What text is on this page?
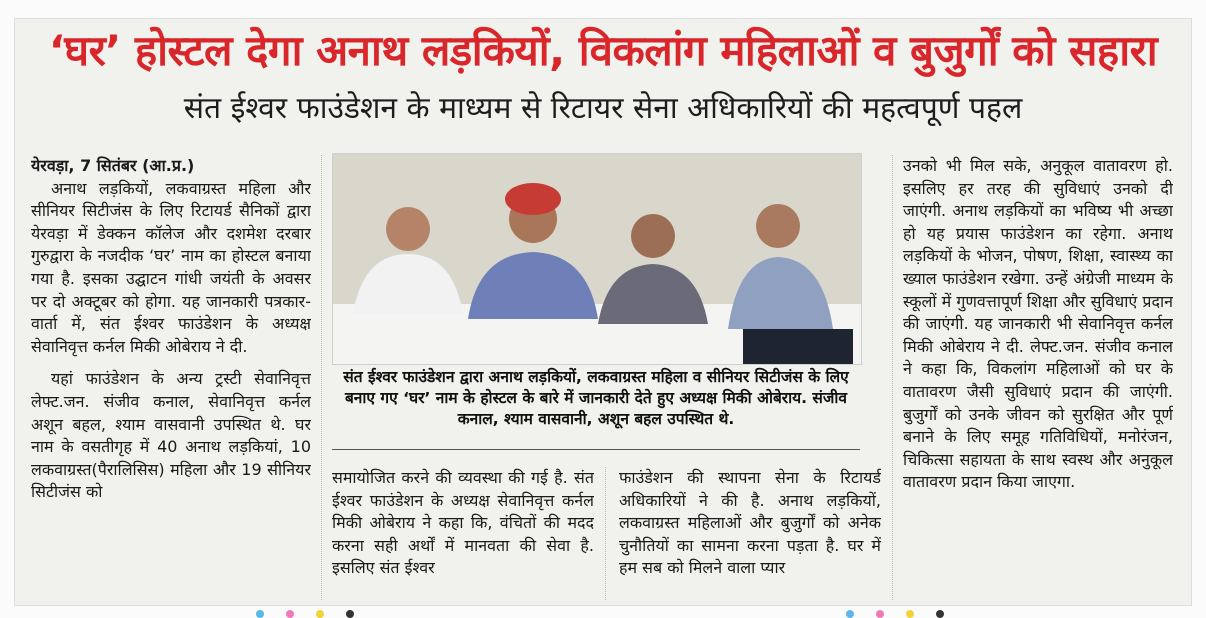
‘घर’ होस्टल देगा अनाथ लड़कियों, विकलांग महिलाओं व बुजुर्गों को सहारा
संत ईश्वर फाउंडेशन के माध्यम से रिटायर सेना अधिकारियों की महत्वपूर्ण पहल
येरवड़ा, 7 सितंबर (आ.प्र.)

अनाथ लड़कियों, लकवाग्रस्त महिला और सीनियर सिटीजंस के लिए रिटायर्ड सैनिकों द्वारा येरवड़ा में डेक्कन कॉलेज और दशमेश दरबार गुरुद्वारा के नजदीक ‘घर’ नाम का होस्टल बनाया गया है. इसका उद्घाटन गांधी जयंती के अवसर पर दो अक्टूबर को होगा. यह जानकारी पत्रकार- वार्ता में, संत ईश्वर फाउंडेशन के अध्यक्ष सेवानिवृत्त कर्नल मिकी ओबेराय ने दी.

यहां फाउंडेशन के अन्य ट्रस्टी सेवानिवृत्त लेफ्ट.जन. संजीव कनाल, सेवानिवृत्त कर्नल अशून बहल, श्याम वासवानी उपस्थित थे. घर नाम के वसतीगृह में 40 अनाथ लड़कियां, 10 लकवाग्रस्त(पैरालिसिस) महिला और 19 सीनियर सिटीजंस को

संत ईश्वर फाउंडेशन द्वारा अनाथ लड़कियों, लकवाग्रस्त महिला व सीनियर सिटीजंस के लिए बनाए गए ‘घर’ नाम के होस्टल के बारे में जानकारी देते हुए अध्यक्ष मिकी ओबेराय. संजीव कनाल, श्याम वासवानी, अशून बहल उपस्थित थे.

समायोजित करने की व्यवस्था की गई है. संत ईश्वर फाउंडेशन के अध्यक्ष सेवानिवृत्त कर्नल मिकी ओबेराय ने कहा कि, वंचितों की मदद करना सही अर्थों में मानवता की सेवा है. इसलिए संत ईश्वर

फाउंडेशन की स्थापना सेना के रिटायर्ड अधिकारियों ने की है. अनाथ लड़कियों, लकवाग्रस्त महिलाओं और बुजुर्गों को अनेक चुनौतियों का सामना करना पड़ता है. घर में हम सब को मिलने वाला प्यार

उनको भी मिल सके, अनुकूल वातावरण हो. इसलिए हर तरह की सुविधाएं उनको दी जाएंगी. अनाथ लड़कियों का भविष्य भी अच्छा हो यह प्रयास फाउंडेशन का रहेगा. अनाथ लड़कियों के भोजन, पोषण, शिक्षा, स्वास्थ्य का ख्याल फाउंडेशन रखेगा. उन्हें अंग्रेजी माध्यम के स्कूलों में गुणवत्तापूर्ण शिक्षा और सुविधाएं प्रदान की जाएंगी. यह जानकारी भी सेवानिवृत्त कर्नल मिकी ओबेराय ने दी. लेफ्ट.जन. संजीव कनाल ने कहा कि, विकलांग महिलाओं को घर के वातावरण जैसी सुविधाएं प्रदान की जाएंगी. बुजुर्गों को उनके जीवन को सुरक्षित और पूर्ण बनाने के लिए समूह गतिविधियों, मनोरंजन, चिकित्सा सहायता के साथ स्वस्थ और अनुकूल वातावरण प्रदान किया जाएगा.
